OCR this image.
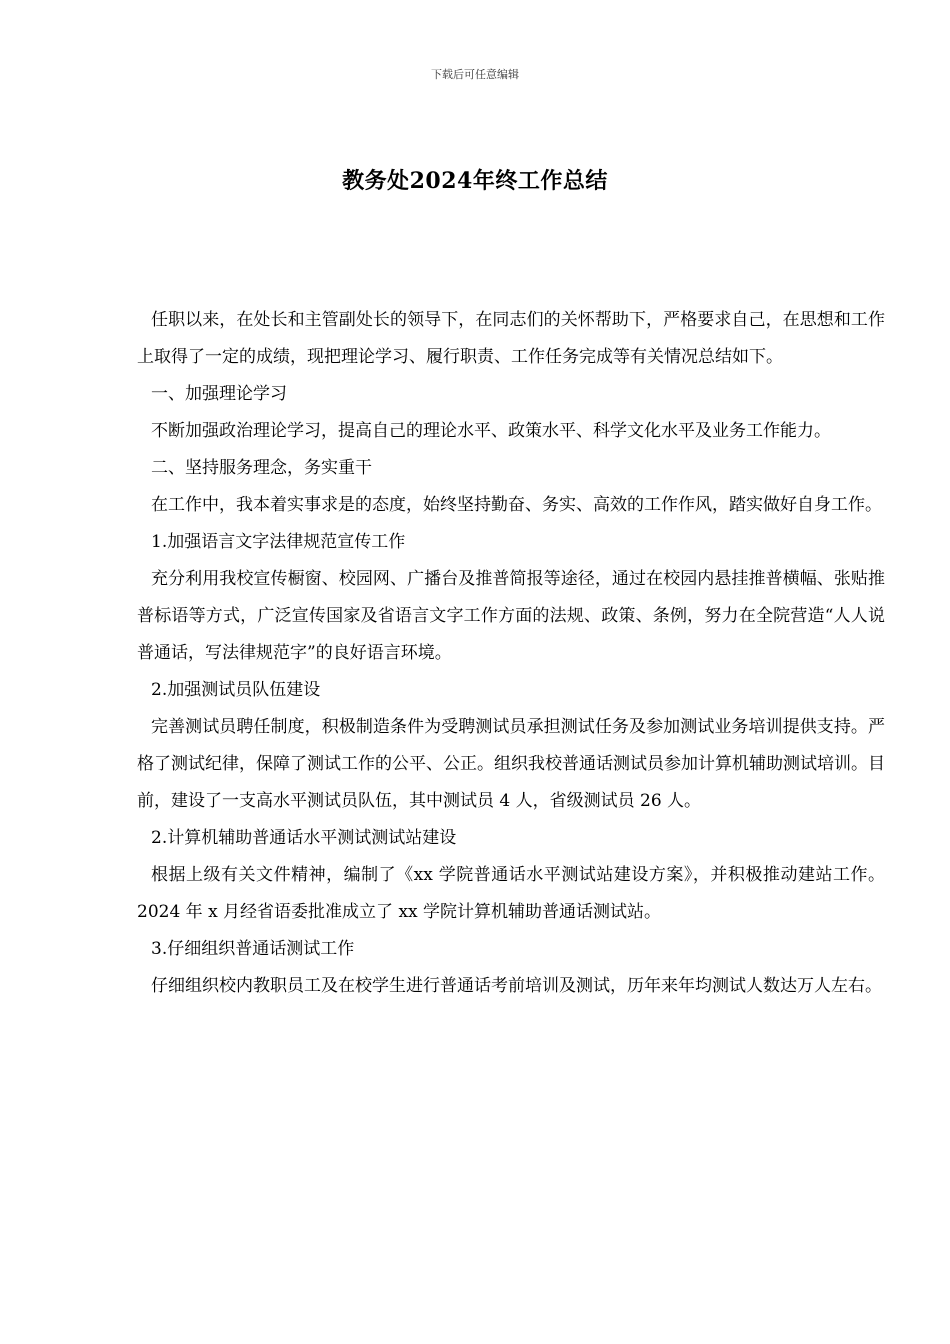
下载后可任意编辑
教务处2024年终工作总结

任职以来，在处长和主管副处长的领导下，在同志们的关怀帮助下，严格要求自己，在思想和工作上取得了一定的成绩，现把理论学习、履行职责、工作任务完成等有关情况总结如下。

一、加强理论学习

不断加强政治理论学习，提高自己的理论水平、政策水平、科学文化水平及业务工作能力。

二、坚持服务理念，务实重干

在工作中，我本着实事求是的态度，始终坚持勤奋、务实、高效的工作作风，踏实做好自身工作。

1.加强语言文字法律规范宣传工作

充分利用我校宣传橱窗、校园网、广播台及推普简报等途径，通过在校园内悬挂推普横幅、张贴推普标语等方式，广泛宣传国家及省语言文字工作方面的法规、政策、条例，努力在全院营造“人人说普通话，写法律规范字”的良好语言环境。

2.加强测试员队伍建设

完善测试员聘任制度，积极制造条件为受聘测试员承担测试任务及参加测试业务培训提供支持。严格了测试纪律，保障了测试工作的公平、公正。组织我校普通话测试员参加计算机辅助测试培训。目前，建设了一支高水平测试员队伍，其中测试员 4 人，省级测试员 26 人。

2.计算机辅助普通话水平测试测试站建设

根据上级有关文件精神，编制了《xx 学院普通话水平测试站建设方案》，并积极推动建站工作。2024 年 x 月经省语委批准成立了 xx 学院计算机辅助普通话测试站。

3.仔细组织普通话测试工作

仔细组织校内教职员工及在校学生进行普通话考前培训及测试，历年来年均测试人数达万人左右。
